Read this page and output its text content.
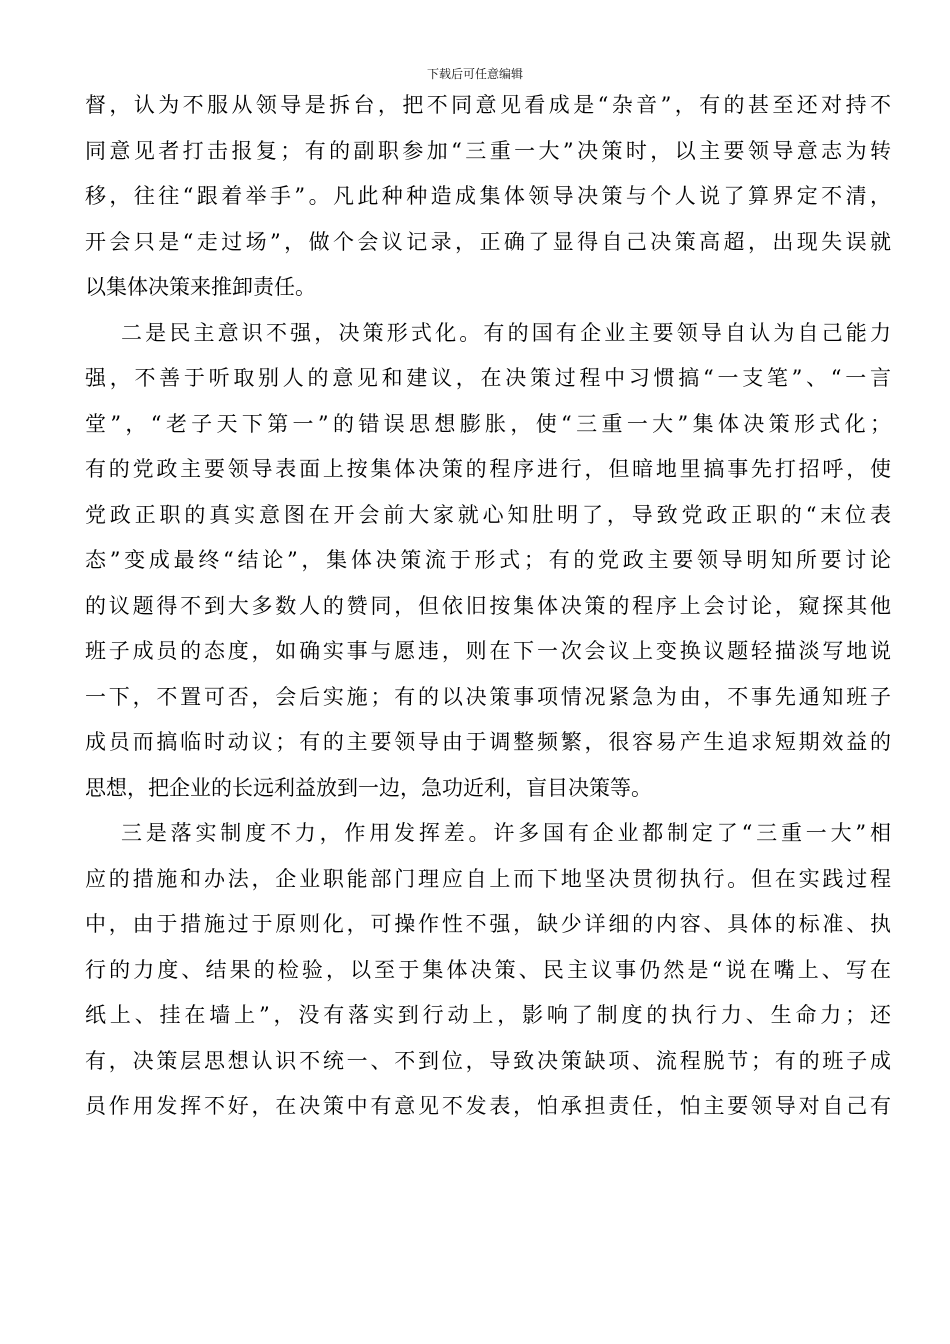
下载后可任意编辑
督，认为不服从领导是拆台，把不同意见看成是“杂音”，有的甚至还对持不
同意见者打击报复；有的副职参加“三重一大”决策时，以主要领导意志为转
移，往往“跟着举手”。凡此种种造成集体领导决策与个人说了算界定不清，
开会只是“走过场”，做个会议记录，正确了显得自己决策高超，出现失误就
以集体决策来推卸责任。
二是民主意识不强，决策形式化。有的国有企业主要领导自认为自己能力
强，不善于听取别人的意见和建议，在决策过程中习惯搞“一支笔”、“一言
堂”，“老子天下第一”的错误思想膨胀，使“三重一大”集体决策形式化；
有的党政主要领导表面上按集体决策的程序进行，但暗地里搞事先打招呼，使
党政正职的真实意图在开会前大家就心知肚明了，导致党政正职的“末位表
态”变成最终“结论”，集体决策流于形式；有的党政主要领导明知所要讨论
的议题得不到大多数人的赞同，但依旧按集体决策的程序上会讨论，窥探其他
班子成员的态度，如确实事与愿违，则在下一次会议上变换议题轻描淡写地说
一下，不置可否，会后实施；有的以决策事项情况紧急为由，不事先通知班子
成员而搞临时动议；有的主要领导由于调整频繁，很容易产生追求短期效益的
思想，把企业的长远利益放到一边，急功近利，盲目决策等。
三是落实制度不力，作用发挥差。许多国有企业都制定了“三重一大”相
应的措施和办法，企业职能部门理应自上而下地坚决贯彻执行。但在实践过程
中，由于措施过于原则化，可操作性不强，缺少详细的内容、具体的标准、执
行的力度、结果的检验，以至于集体决策、民主议事仍然是“说在嘴上、写在
纸上、挂在墙上”，没有落实到行动上，影响了制度的执行力、生命力；还
有，决策层思想认识不统一、不到位，导致决策缺项、流程脱节；有的班子成
员作用发挥不好，在决策中有意见不发表，怕承担责任，怕主要领导对自己有
